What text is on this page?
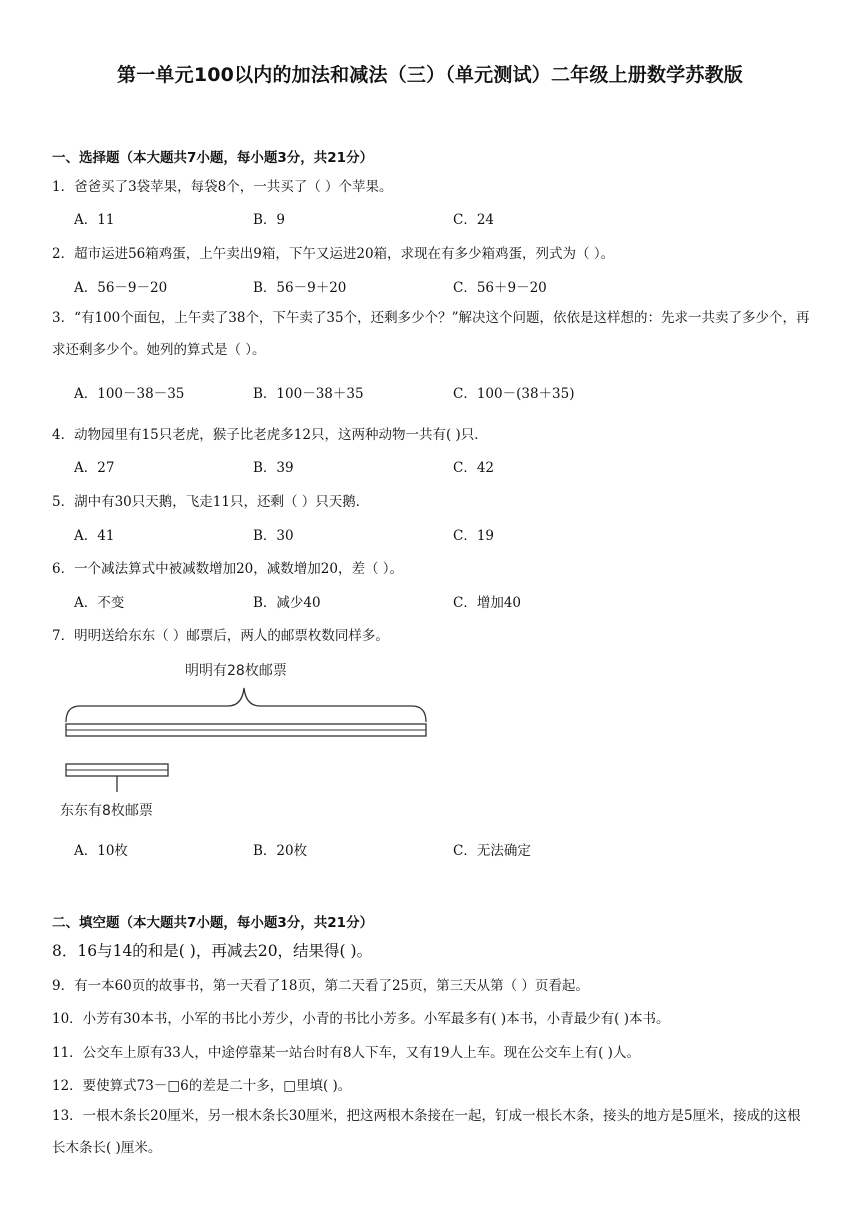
第一单元100以内的加法和减法（三）（单元测试）二年级上册数学苏教版
一、选择题（本大题共7小题，每小题3分，共21分）
1．爸爸买了3袋苹果，每袋8个，一共买了（ ）个苹果。
A．11	B．9	C．24
2．超市运进56箱鸡蛋，上午卖出9箱，下午又运进20箱，求现在有多少箱鸡蛋，列式为（ ）。
A．56－9－20	B．56－9＋20	C．56＋9－20
3．“有100个面包，上午卖了38个，下午卖了35个，还剩多少个？”解决这个问题，依依是这样想的：先求一共卖了多少个，再求还剩多少个。她列的算式是（ ）。
A．100－38－35	B．100－38＋35	C．100－(38＋35)
4．动物园里有15只老虎，猴子比老虎多12只，这两种动物一共有( )只．
A．27	B．39	C．42
5．湖中有30只天鹅，飞走11只，还剩（ ）只天鹅．
A．41	B．30	C．19
6．一个减法算式中被减数增加20，减数增加20，差（ ）。
A．不变	B．减少40	C．增加40
7．明明送给东东（ ）邮票后，两人的邮票枚数同样多。
明明有28枚邮票
东东有8枚邮票
A．10枚	B．20枚	C．无法确定
二、填空题（本大题共7小题，每小题3分，共21分）
8．16与14的和是( )，再减去20，结果得( )。
9．有一本60页的故事书，第一天看了18页，第二天看了25页，第三天从第（ ）页看起。
10．小芳有30本书，小军的书比小芳少，小青的书比小芳多。小军最多有( )本书，小青最少有( )本书。
11．公交车上原有33人，中途停靠某一站台时有8人下车，又有19人上车。现在公交车上有( )人。
12．要使算式73－□6的差是二十多，□里填( )。
13．一根木条长20厘米，另一根木条长30厘米，把这两根木条接在一起，钉成一根长木条，接头的地方是5厘米，接成的这根长木条长( )厘米。
